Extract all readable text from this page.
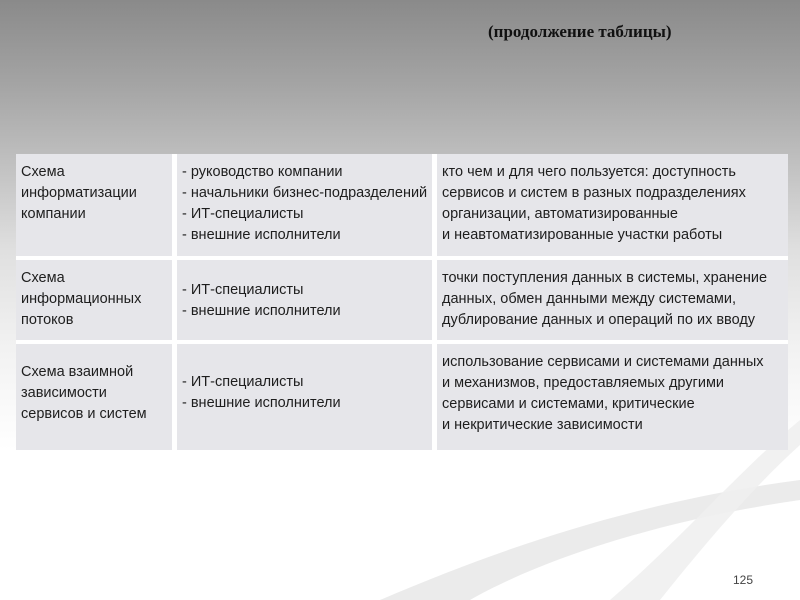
(продолжение таблицы)
Схема
информатизации
компании
- руководство компании
- начальники бизнес-подразделений
- ИТ-специалисты
- внешние исполнители
кто чем и для чего пользуется: доступность
сервисов и систем в разных подразделениях
организации, автоматизированные
и неавтоматизированные участки работы
Схема
информационных
потоков
- ИТ-специалисты
- внешние исполнители
точки поступления данных в системы, хранение
данных, обмен данными между системами,
дублирование данных и операций по их вводу
Схема взаимной
зависимости
сервисов и систем
- ИТ-специалисты
- внешние исполнители
использование сервисами и системами данных
и механизмов, предоставляемых другими
сервисами и системами, критические
и некритические зависимости
125
